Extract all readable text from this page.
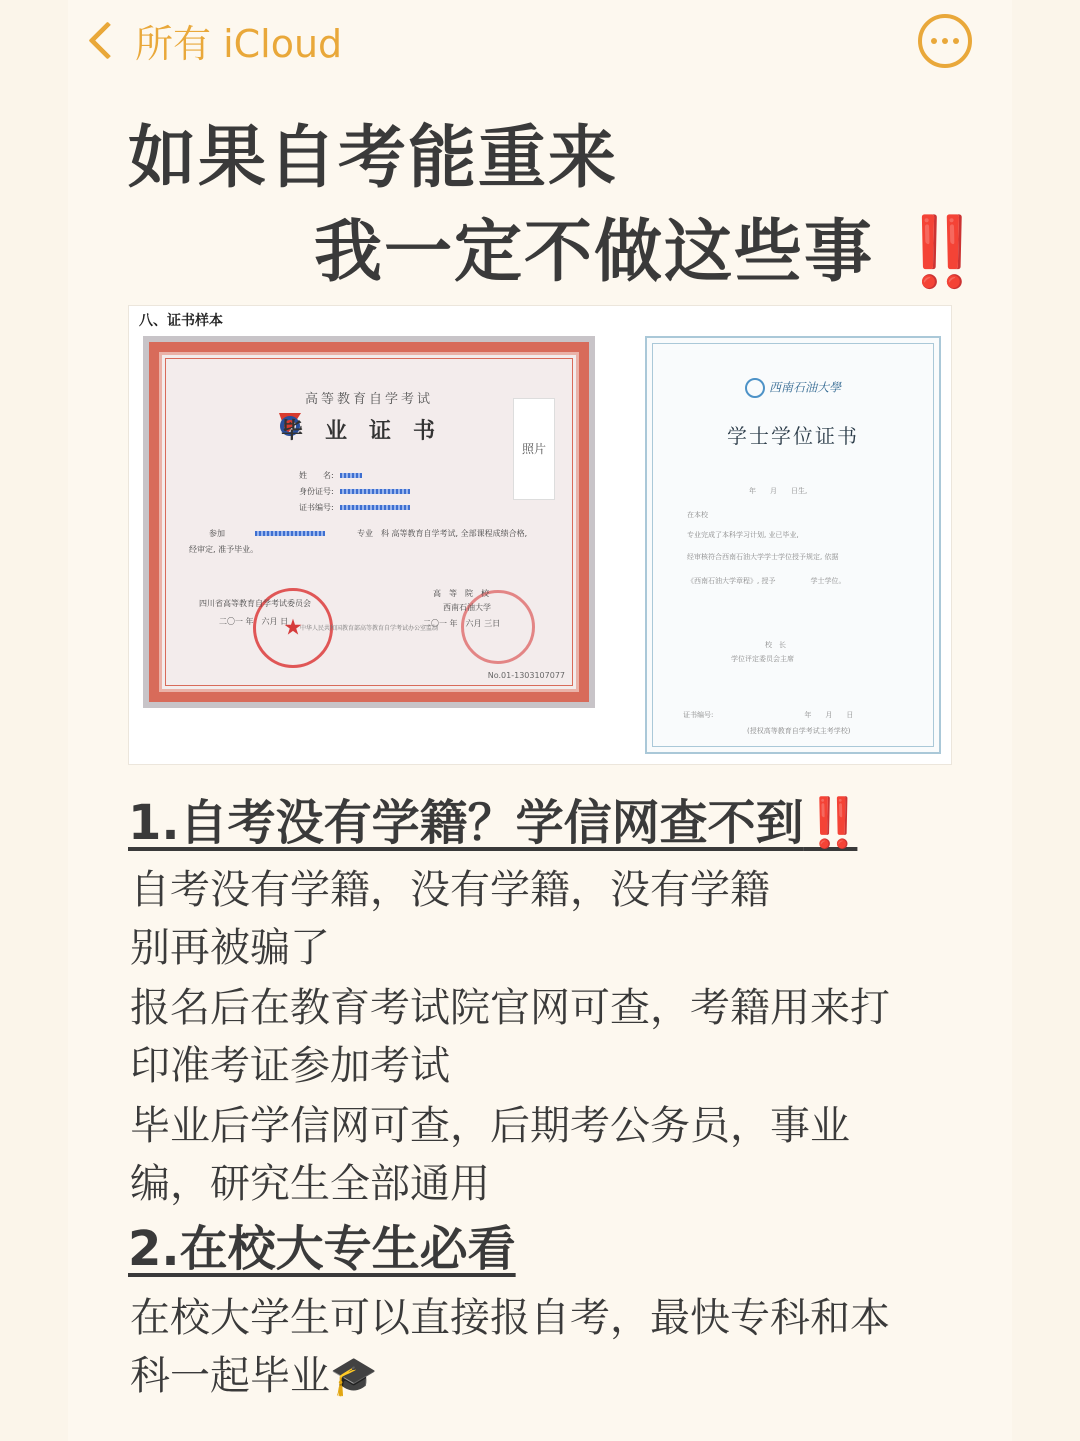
所有 iCloud
如果自考能重来
我一定不做这些事 ‼️
八、证书样本
高等教育自学考试
毕业证书
照片
姓　　名:
身份证号:
证书编号:
参加	专业　 科 高等教育自学考试, 全部课程成绩合格,
经审定, 准予毕业。
★
四川省高等教育自学考试委员会
二〇一 年　六月 日
高　等　院　校
西南石油大学
二〇一 年　六月 三日
中华人民共和国教育部高等教育自学考试办公室监制
No.01-1303107077
西南石油大學
学士学位证书
　　　　　　年　　月　　日生,
在本校
专业完成了本科学习计划, 业已毕业,
经审核符合西南石油大学学士学位授予规定, 依据
《西南石油大学章程》, 授予　　　　　学士学位。
校　长
学位评定委员会主席
证书编号:　　　　　　　　　　　　　年　　月　　日
(授权高等教育自学考试主考学校)
1.自考没有学籍？学信网查不到‼️
自考没有学籍，没有学籍，没有学籍
别再被骗了
报名后在教育考试院官网可查，考籍用来打
印准考证参加考试
毕业后学信网可查，后期考公务员，事业
编，研究生全部通用
2.在校大专生必看
在校大学生可以直接报自考，最快专科和本
科一起毕业🎓
